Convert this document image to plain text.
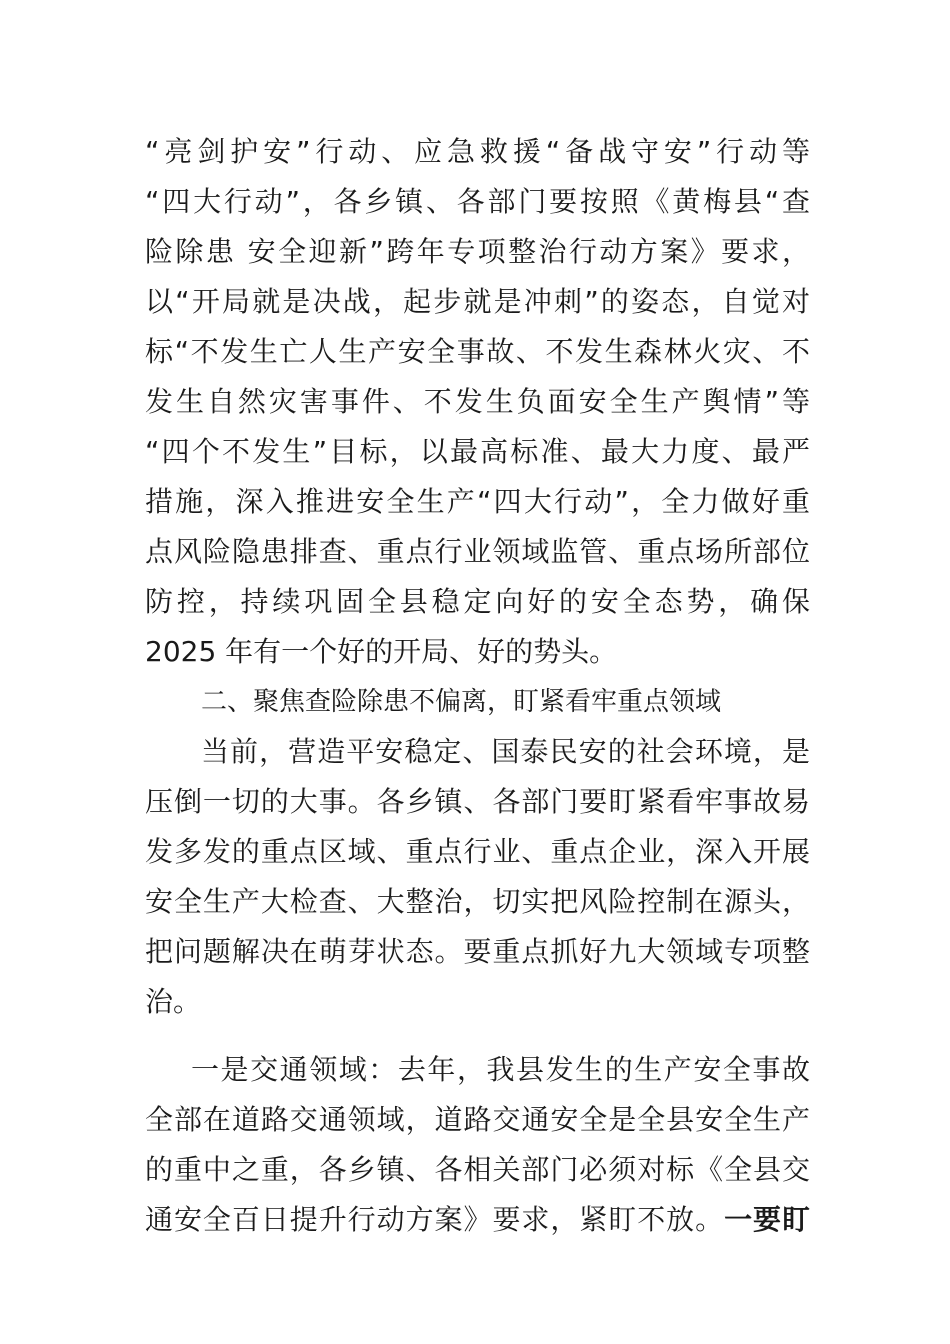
“亮剑护安”行动、应急救援“备战守安”行动等
“四大行动”，各乡镇、各部门要按照《黄梅县“查
险除患 安全迎新”跨年专项整治行动方案》要求，
以“开局就是决战，起步就是冲刺”的姿态，自觉对
标“不发生亡人生产安全事故、不发生森林火灾、不
发生自然灾害事件、不发生负面安全生产舆情”等
“四个不发生”目标，以最高标准、最大力度、最严
措施，深入推进安全生产“四大行动”，全力做好重
点风险隐患排查、重点行业领域监管、重点场所部位
防控，持续巩固全县稳定向好的安全态势，确保
2025 年有一个好的开局、好的势头。
二、聚焦查险除患不偏离，盯紧看牢重点领域
当前，营造平安稳定、国泰民安的社会环境，是
压倒一切的大事。各乡镇、各部门要盯紧看牢事故易
发多发的重点区域、重点行业、重点企业，深入开展
安全生产大检查、大整治，切实把风险控制在源头，
把问题解决在萌芽状态。要重点抓好九大领域专项整
治。
一是交通领域：去年，我县发生的生产安全事故
全部在道路交通领域，道路交通安全是全县安全生产
的重中之重，各乡镇、各相关部门必须对标《全县交
通安全百日提升行动方案》要求，紧盯不放。一要盯
